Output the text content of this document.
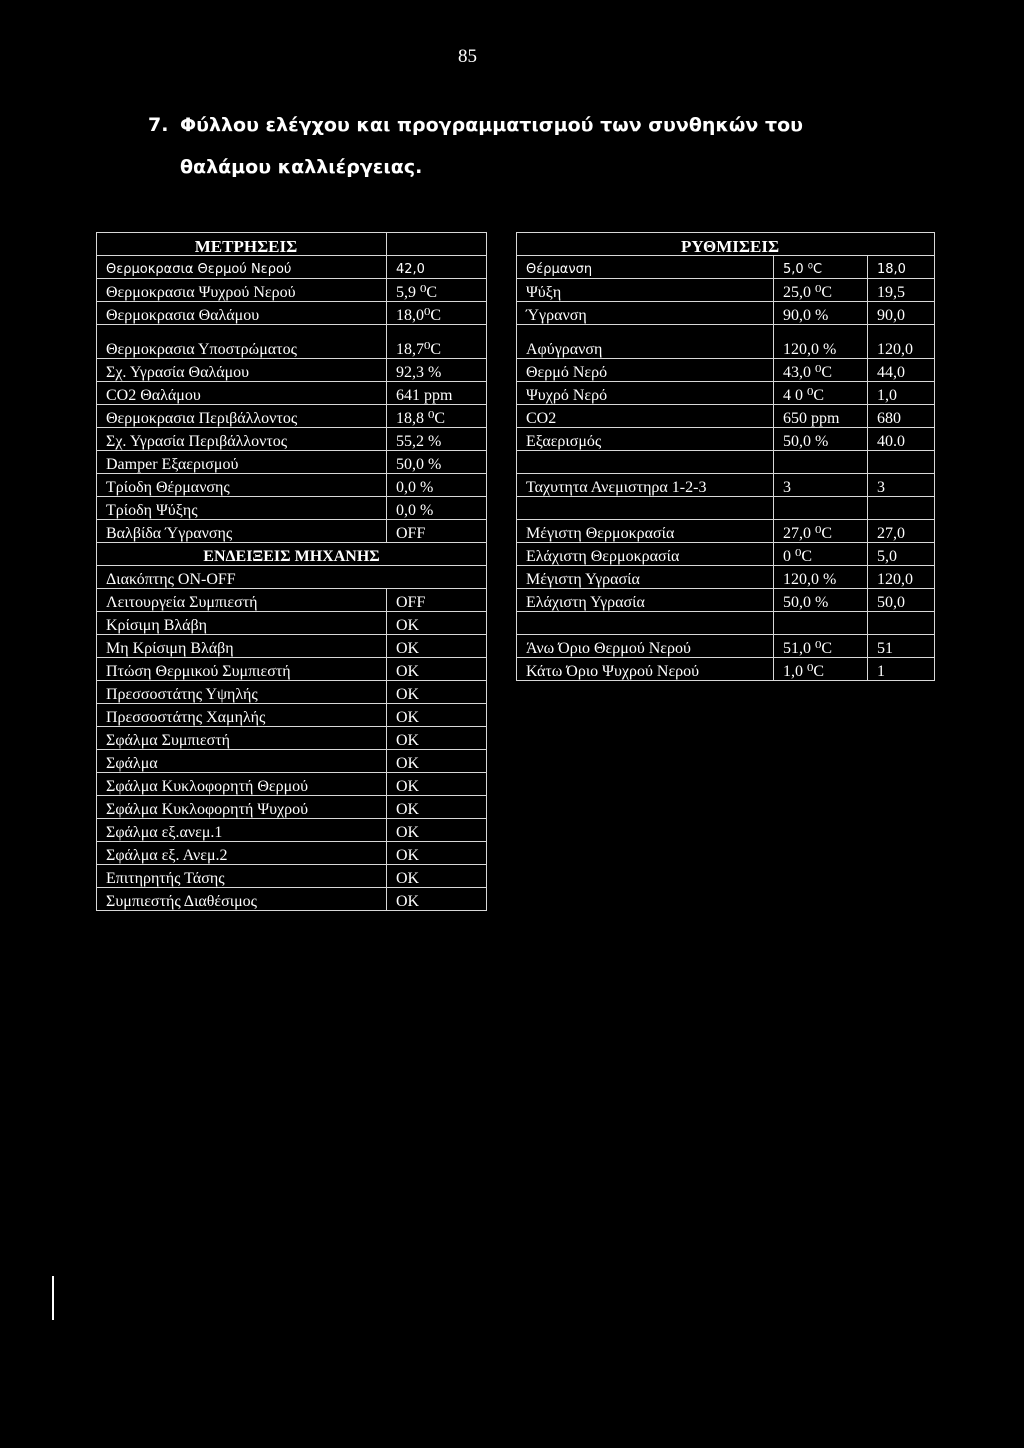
85
7. Φύλλου ελέγχου και προγραμματισμού των συνθηκών του
θαλάμου καλλιέργειας.
ΜΕΤΡΗΣΕΙΣ	
Θερμοκρασια Θερμού Νερού	42,0
Θερμοκρασια Ψυχρού Νερού	5,9 ⁰C
Θερμοκρασια Θαλάμου	18,0⁰C
Θερμοκρασια Υποστρώματος	18,7⁰C
Σχ. Υγρασία Θαλάμου	92,3 %
CO2 Θαλάμου	641 ppm
Θερμοκρασια Περιβάλλοντος	18,8 ⁰C
Σχ. Υγρασία Περιβάλλοντος	55,2 %
Damper Εξαερισμού	50,0 %
Τρίοδη Θέρμανσης	0,0 %
Τρίοδη Ψύξης	0,0 %
Βαλβίδα Ύγρανσης	OFF
ΕΝΔΕΙΞΕΙΣ ΜΗΧΑΝΗΣ	
Διακόπτης ON-OFF	
Λειτουργεία Συμπιεστή	OFF
Κρίσιμη Βλάβη	OK
Μη Κρίσιμη Βλάβη	OK
Πτώση Θερμικού Συμπιεστή	OK
Πρεσσοστάτης Υψηλής	OK
Πρεσσοστάτης Χαμηλής	OK
Σφάλμα Συμπιεστή	OK
Σφάλμα	OK
Σφάλμα Κυκλοφορητή Θερμού	OK
Σφάλμα Κυκλοφορητή Ψυχρού	OK
Σφάλμα εξ.ανεμ.1	OK
Σφάλμα εξ. Ανεμ.2	OK
Επιτηρητής Τάσης	OK
Συμπιεστής Διαθέσιμος	OK
ΡΥΘΜΙΣΕΙΣ		
Θέρμανση	5,0 ⁰C	18,0
Ψύξη	25,0 ⁰C	19,5
Ύγρανση	90,0 %	90,0
Αφύγρανση	120,0 %	120,0
Θερμό Νερό	43,0 ⁰C	44,0
Ψυχρό Νερό	4 0 ⁰C	1,0
CO2	650 ppm	680
Εξαερισμός	50,0 %	40.0

Ταχυτητα Ανεμιστηρα 1-2-3	3	3

Μέγιστη Θερμοκρασία	27,0 ⁰C	27,0
Ελάχιστη Θερμοκρασία	0 ⁰C	5,0
Μέγιστη Υγρασία	120,0 %	120,0
Ελάχιστη Υγρασία	50,0 %	50,0

Άνω Όριο Θερμού Νερού	51,0 ⁰C	51
Κάτω Όριο Ψυχρού Νερού	1,0 ⁰C	1
